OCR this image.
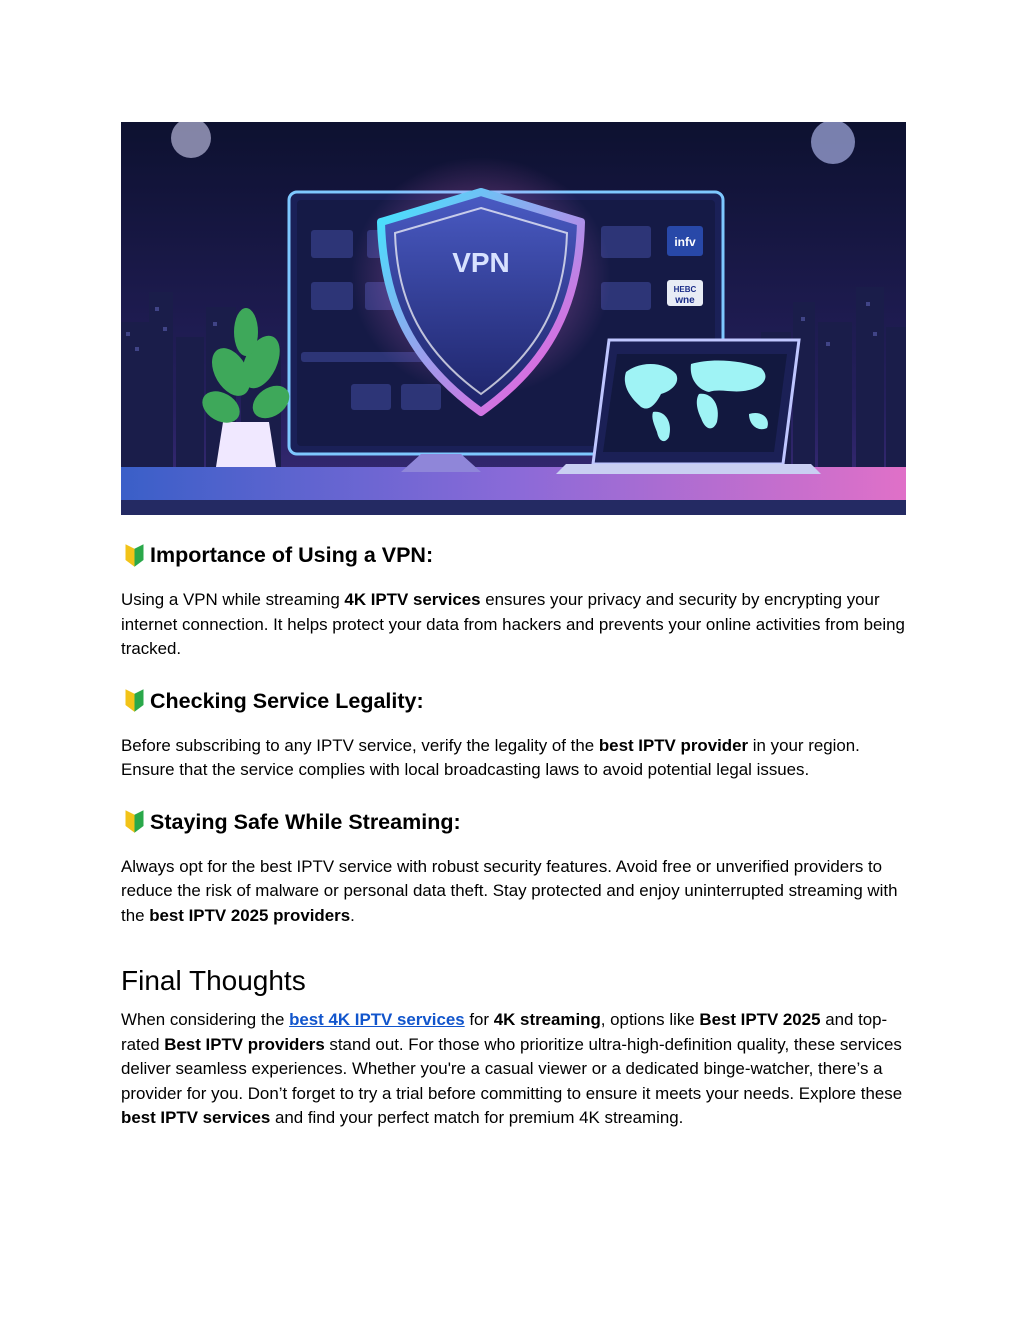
infv
HEBC
wne
VPN
Importance of Using a VPN:

Using a VPN while streaming 4K IPTV services ensures your privacy and security by encrypting your internet connection. It helps protect your data from hackers and prevents your online activities from being tracked.

Checking Service Legality:

Before subscribing to any IPTV service, verify the legality of the best IPTV provider in your region. Ensure that the service complies with local broadcasting laws to avoid potential legal issues.

Staying Safe While Streaming:

Always opt for the best IPTV service with robust security features. Avoid free or unverified providers to reduce the risk of malware or personal data theft. Stay protected and enjoy uninterrupted streaming with the best IPTV 2025 providers.

Final Thoughts

When considering the best 4K IPTV services for 4K streaming, options like Best IPTV 2025 and top-rated Best IPTV providers stand out. For those who prioritize ultra-high-definition quality, these services deliver seamless experiences. Whether you're a casual viewer or a dedicated binge-watcher, there’s a provider for you. Don’t forget to try a trial before committing to ensure it meets your needs. Explore these best IPTV services and find your perfect match for premium 4K streaming.
